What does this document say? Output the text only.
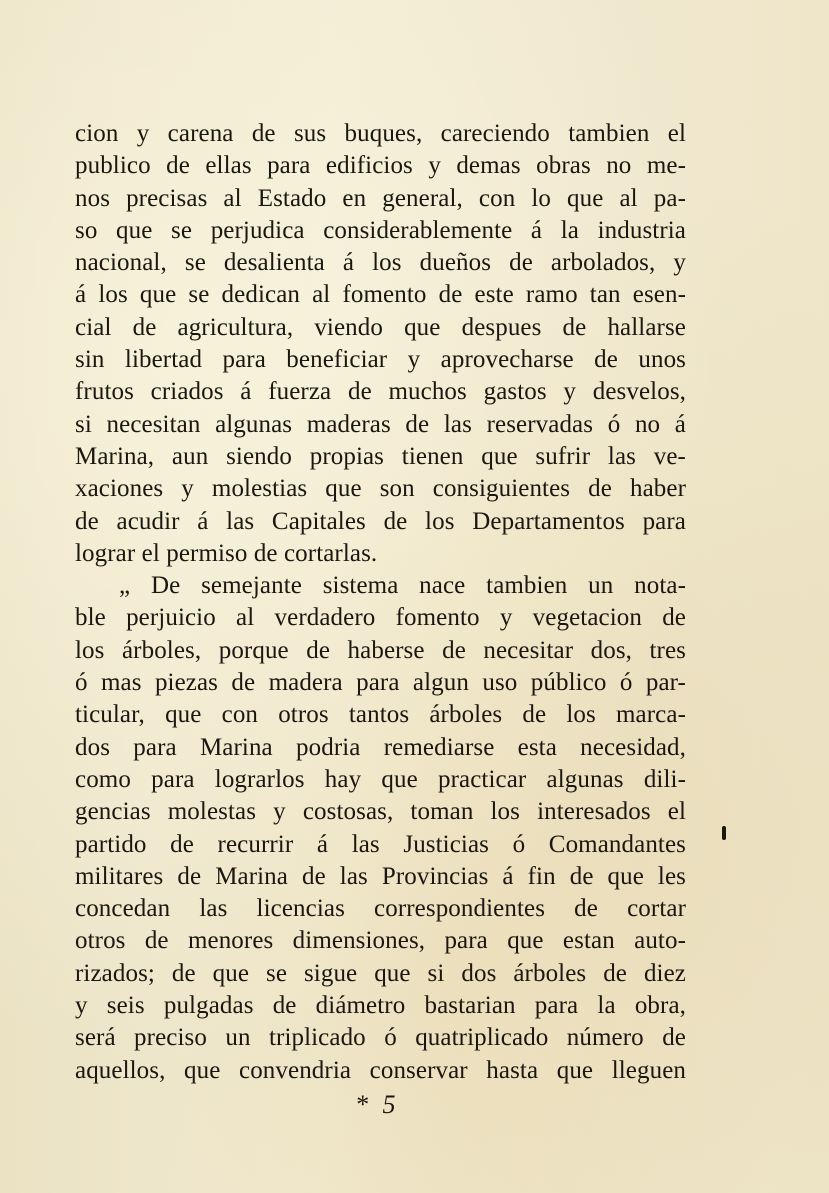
cion y carena de sus buques, careciendo tambien el
publico de ellas para edificios y demas obras no me-
nos precisas al Estado en general, con lo que al pa-
so que se perjudica considerablemente á la industria
nacional, se desalienta á los dueños de arbolados, y
á los que se dedican al fomento de este ramo tan esen-
cial de agricultura, viendo que despues de hallarse
sin libertad para beneficiar y aprovecharse de unos
frutos criados á fuerza de muchos gastos y desvelos,
si necesitan algunas maderas de las reservadas ó no á
Marina, aun siendo propias tienen que sufrir las ve-
xaciones y molestias que son consiguientes de haber
de acudir á las Capitales de los Departamentos para
lograr el permiso de cortarlas.
„ De semejante sistema nace tambien un nota-
ble perjuicio al verdadero fomento y vegetacion de
los árboles, porque de haberse de necesitar dos, tres
ó mas piezas de madera para algun uso público ó par-
ticular, que con otros tantos árboles de los marca-
dos para Marina podria remediarse esta necesidad,
como para lograrlos hay que practicar algunas dili-
gencias molestas y costosas, toman los interesados el
partido de recurrir á las Justicias ó Comandantes
militares de Marina de las Provincias á fin de que les
concedan las licencias correspondientes de cortar
otros de menores dimensiones, para que estan auto-
rizados; de que se sigue que si dos árboles de diez
y seis pulgadas de diámetro bastarian para la obra,
será preciso un triplicado ó quatriplicado número de
aquellos, que convendria conservar hasta que lleguen
* 5
